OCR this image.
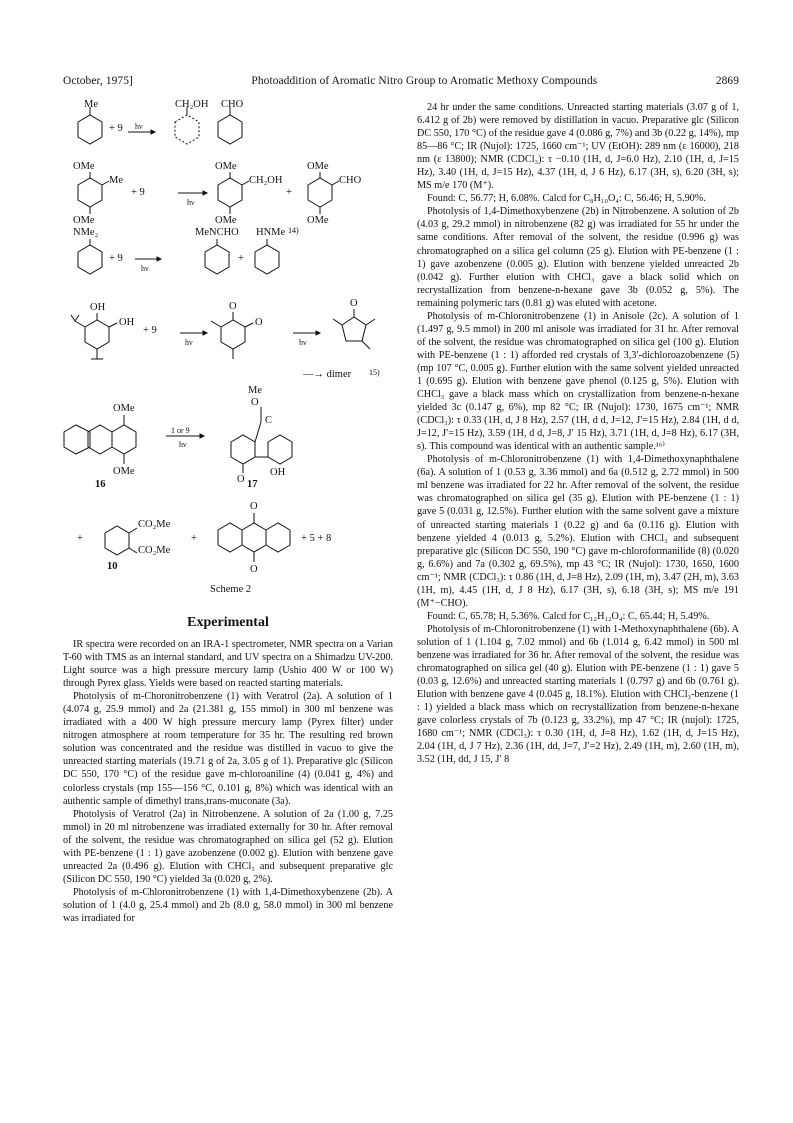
October, 1975]	Photoaddition of Aromatic Nitro Group to Aromatic Methoxy Compounds	2869
Me
+ 9 hν
CH₂OH CHO
OMe
Me
OMe
+ 9
hν
OMe
CH₂OH
OMe
+
OMe
CHO
OMe
NMe₂
+ 9
hν
MeNCHO
+
HNMe 14)
OH
OH
+ 9
hν
O
O
hν
O
—→ dimer 15)
OMe
OMe
16
1 or 9
hν
Me
O
C
O
OH
17
+
CO₂Me
CO₂Me
10
+
O
O
+ 5 + 8
Scheme 2
Experimental

IR spectra were recorded on an IRA-1 spectrometer, NMR spectra on a Varian T-60 with TMS as an internal standard, and UV spectra on a Shimadzu UV-200. Light source was a high pressure mercury lamp (Ushio 400 W or 100 W) through Pyrex glass. Yields were based on reacted starting materials.

Photolysis of m-Choronitrobenzene (1) with Veratrol (2a). A solution of 1 (4.074 g, 25.9 mmol) and 2a (21.381 g, 155 mmol) in 300 ml benzene was irradiated with a 400 W high pressure mercury lamp (Pyrex filter) under nitrogen atmosphere at room temperature for 35 hr. The resulting red brown solution was concentrated and the residue was distilled in vacuo to give the unreacted starting materials (19.71 g of 2a, 3.05 g of 1). Preparative glc (Silicon DC 550, 170 °C) of the residue gave m-chloroaniline (4) (0.041 g, 4%) and colorless crystals (mp 155—156 °C, 0.101 g, 8%) which was identical with an authentic sample of dimethyl trans,trans-muconate (3a).

Photolysis of Veratrol (2a) in Nitrobenzene. A solution of 2a (1.00 g, 7.25 mmol) in 20 ml nitrobenzene was irradiated externally for 30 hr. After removal of the solvent, the residue was chromatographed on silica gel (52 g). Elution with PE-benzene (1 : 1) gave azobenzene (0.002 g). Elution with benzene gave unreacted 2a (0.496 g). Elution with CHCl₃ and subsequent preparative glc (Silicon DC 550, 190 °C) yielded 3a (0.020 g, 2%).

Photolysis of m-Chloronitrobenzene (1) with 1,4-Dimethoxybenzene (2b). A solution of 1 (4.0 g, 25.4 mmol) and 2b (8.0 g, 58.0 mmol) in 300 ml benzene was irradiated for

24 hr under the same conditions. Unreacted starting materials (3.07 g of 1, 6.412 g of 2b) were removed by distillation in vacuo. Preparative glc (Silicon DC 550, 170 °C) of the residue gave 4 (0.086 g, 7%) and 3b (0.22 g, 14%), mp 85—86 °C; IR (Nujol): 1725, 1660 cm⁻¹; UV (EtOH): 289 nm (ε 16000), 218 nm (ε 13800); NMR (CDCl₃): τ −0.10 (1H, d, J=6.0 Hz), 2.10 (1H, d, J=15 Hz), 3.40 (1H, d, J=15 Hz), 4.37 (1H, d, J 6 Hz), 6.17 (3H, s), 6.20 (3H, s); MS m/e 170 (M⁺).

Found: C, 56.77; H, 6.08%. Calcd for C₈H₁₀O₄: C, 56.46; H, 5.90%.

Photolysis of 1,4-Dimethoxybenzene (2b) in Nitrobenzene. A solution of 2b (4.03 g, 29.2 mmol) in nitrobenzene (82 g) was irradiated for 55 hr under the same conditions. After removal of the solvent, the residue (0.996 g) was chromatographed on a silica gel column (25 g). Elution with PE-benzene (1 : 1) gave azobenzene (0.005 g). Elution with benzene yielded unreacted 2b (0.042 g). Further elution with CHCl₃ gave a black solid which on recrystallization from benzene-n-hexane gave 3b (0.052 g, 5%). The remaining polymeric tars (0.81 g) was eluted with acetone.

Photolysis of m-Chloronitrobenzene (1) in Anisole (2c). A solution of 1 (1.497 g, 9.5 mmol) in 200 ml anisole was irradiated for 31 hr. After removal of the solvent, the residue was chromatographed on silica gel (100 g). Elution with PE-benzene (1 : 1) afforded red crystals of 3,3′-dichloroazobenzene (5) (mp 107 °C, 0.005 g). Further elution with the same solvent yielded unreacted 1 (0.695 g). Elution with benzene gave phenol (0.125 g, 5%). Elution with CHCl₃ gave a black mass which on crystallization from benzene-n-hexane yielded 3c (0.147 g, 6%), mp 82 °C; IR (Nujol): 1730, 1675 cm⁻¹; NMR (CDCl₃): τ 0.33 (1H, d, J 8 Hz), 2.57 (1H, d d, J=12, J′=15 Hz), 2.84 (1H, d d, J=12, J′=15 Hz), 3.59 (1H, d d, J=8, J′ 15 Hz), 3.71 (1H, d, J=8 Hz), 6.17 (3H, s). This compound was identical with an authentic sample.¹⁶⁾

Photolysis of m-Chloronitrobenzene (1) with 1,4-Dimethoxynaphthalene (6a). A solution of 1 (0.53 g, 3.36 mmol) and 6a (0.512 g, 2.72 mmol) in 500 ml benzene was irradiated for 22 hr. After removal of the solvent, the residue was chromatographed on silica gel (35 g). Elution with PE-benzene (1 : 1) gave 5 (0.031 g, 12.5%). Further elution with the same solvent gave a mixture of unreacted starting materials 1 (0.22 g) and 6a (0.116 g). Elution with benzene yielded 4 (0.013 g, 5.2%). Elution with CHCl₃ and subsequent preparative glc (Silicon DC 550, 190 °C) gave m-chloroformanilide (8) (0.020 g, 6.6%) and 7a (0.302 g, 69.5%), mp 43 °C; IR (Nujol): 1730, 1650, 1600 cm⁻¹; NMR (CDCl₃): τ 0.86 (1H, d, J=8 Hz), 2.09 (1H, m), 3.47 (2H, m), 3.63 (1H, m), 4.45 (1H, d, J 8 Hz), 6.17 (3H, s), 6.18 (3H, s); MS m/e 191 (M⁺−CHO).

Found: C, 65.78; H, 5.36%. Calcd for C₁₂H₁₂O₄: C, 65.44; H, 5.49%.

Photolysis of m-Chloronitrobenzene (1) with 1-Methoxynaphthalene (6b). A solution of 1 (1.104 g, 7.02 mmol) and 6b (1.014 g, 6.42 mmol) in 500 ml benzene was irradiated for 36 hr. After removal of the solvent, the residue was chromatographed on silica gel (40 g). Elution with PE-benzene (1 : 1) gave 5 (0.03 g, 12.6%) and unreacted starting materials 1 (0.797 g) and 6b (0.761 g). Elution with benzene gave 4 (0.045 g, 18.1%). Elution with CHCl₃-benzene (1 : 1) yielded a black mass which on recrystallization from benzene-n-hexane gave colorless crystals of 7b (0.123 g, 33.2%), mp 47 °C; IR (nujol): 1725, 1680 cm⁻¹; NMR (CDCl₃): τ 0.30 (1H, d, J=8 Hz), 1.62 (1H, d, J=15 Hz), 2.04 (1H, d, J 7 Hz), 2.36 (1H, dd, J=7, J′=2 Hz), 2.49 (1H, m), 2.60 (1H, m), 3.52 (1H, dd, J 15, J′ 8
